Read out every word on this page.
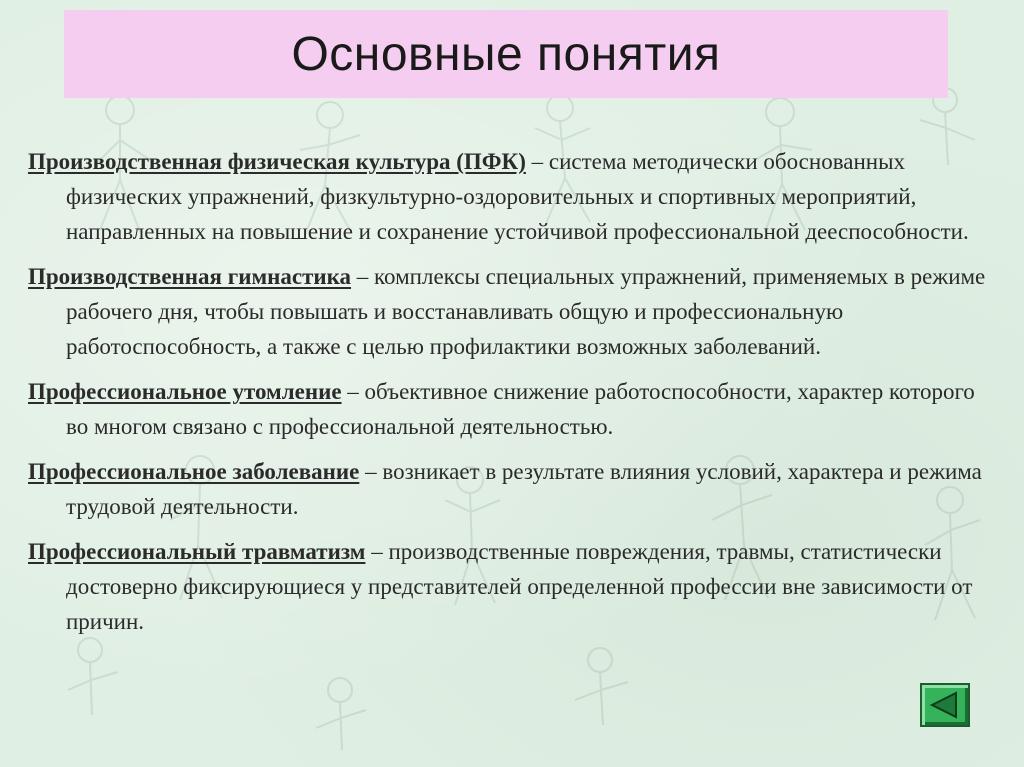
Основные понятия
Производственная физическая культура (ПФК) – система методически обоснованных физических упражнений, физкультурно-оздоровительных и спортивных мероприятий, направленных на повышение и сохранение устойчивой профессиональной дееспособности.
Производственная гимнастика – комплексы специальных упражнений, применяемых в режиме рабочего дня, чтобы повышать и восстанавливать общую и профессиональную работоспособность, а также с целью профилактики возможных заболеваний.
Профессиональное утомление – объективное снижение работоспособности, характер которого во многом связано с профессиональной деятельностью.
Профессиональное заболевание – возникает в результате влияния условий, характера и режима трудовой деятельности.
Профессиональный травматизм – производственные повреждения, травмы, статистически достоверно фиксирующиеся у представителей определенной профессии вне зависимости от причин.
